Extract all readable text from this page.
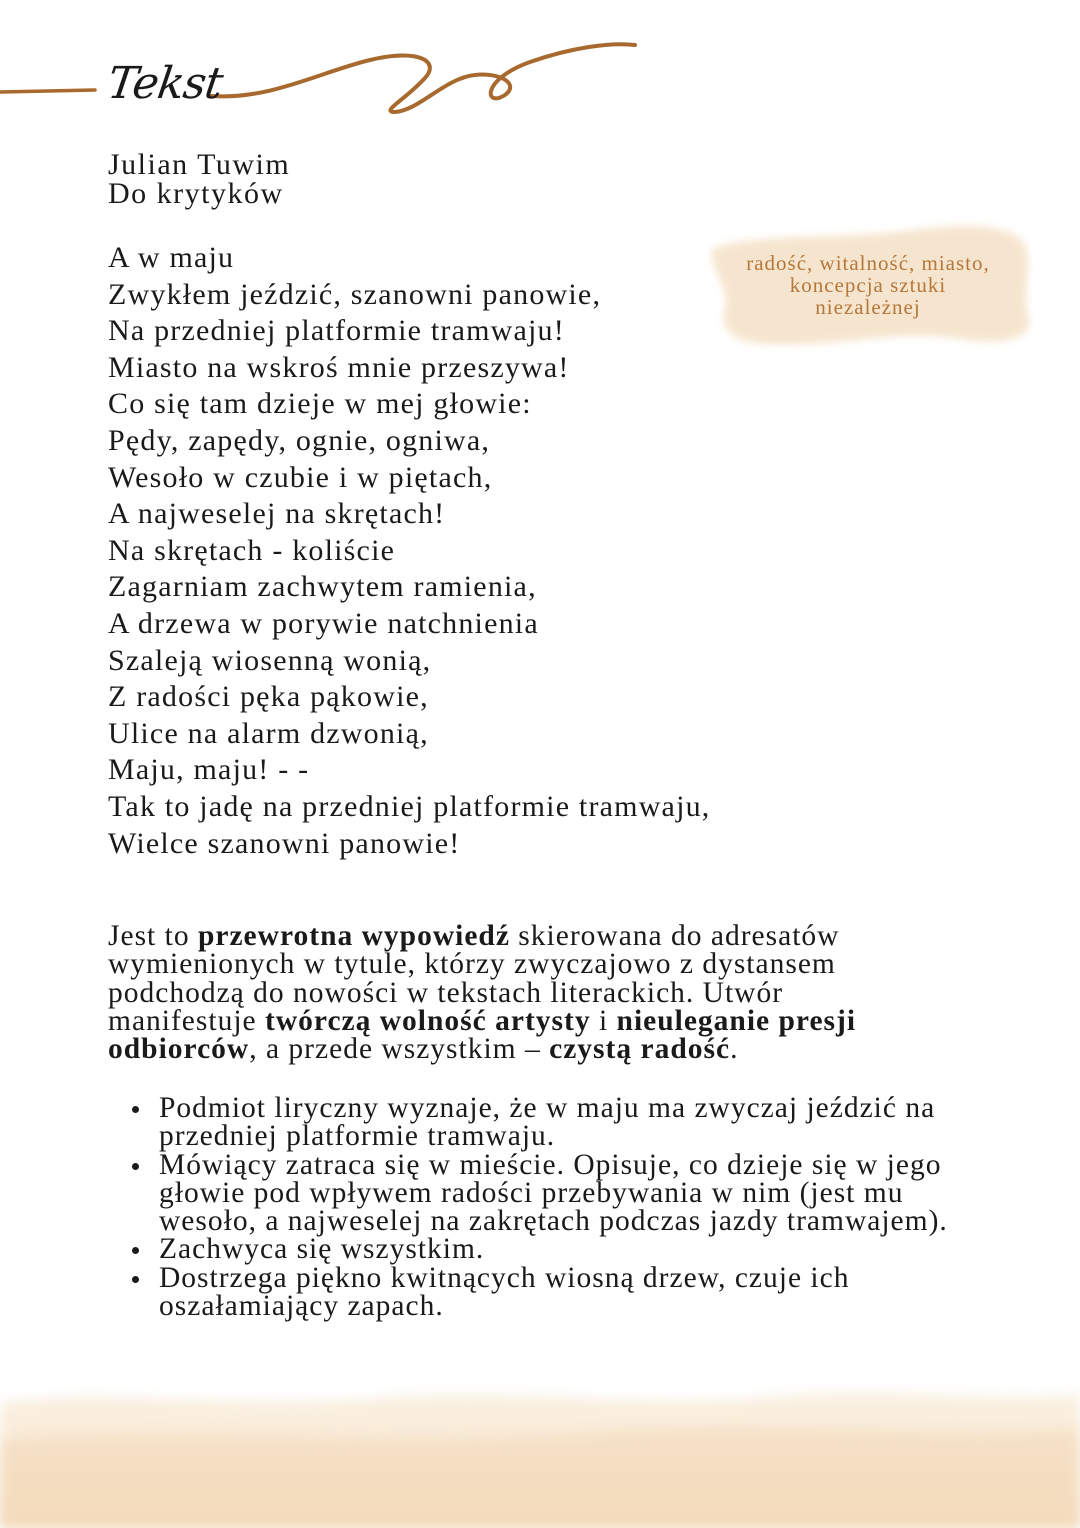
Tekst
Julian Tuwim
Do krytyków
A w maju
Zwykłem jeździć, szanowni panowie,
Na przedniej platformie tramwaju!
Miasto na wskroś mnie przeszywa!
Co się tam dzieje w mej głowie:
Pędy, zapędy, ognie, ogniwa,
Wesoło w czubie i w piętach,
A najweselej na skrętach!
Na skrętach - koliście
Zagarniam zachwytem ramienia,
A drzewa w porywie natchnienia
Szaleją wiosenną wonią,
Z radości pęka pąkowie,
Ulice na alarm dzwonią,
Maju, maju! - -
Tak to jadę na przedniej platformie tramwaju,
Wielce szanowni panowie!
radość, witalność, miasto,
koncepcja sztuki
niezależnej

Jest to przewrotna wypowiedź skierowana do adresatów wymienionych w tytule, którzy zwyczajowo z dystansem podchodzą do nowości w tekstach literackich. Utwór manifestuje twórczą wolność artysty i nieuleganie presji odbiorców, a przede wszystkim – czystą radość.

Podmiot liryczny wyznaje, że w maju ma zwyczaj jeździć na przedniej platformie tramwaju.
Mówiący zatraca się w mieście. Opisuje, co dzieje się w jego głowie pod wpływem radości przebywania w nim (jest mu wesoło, a najweselej na zakrętach podczas jazdy tramwajem).
Zachwyca się wszystkim.
Dostrzega piękno kwitnących wiosną drzew, czuje ich oszałamiający zapach.
